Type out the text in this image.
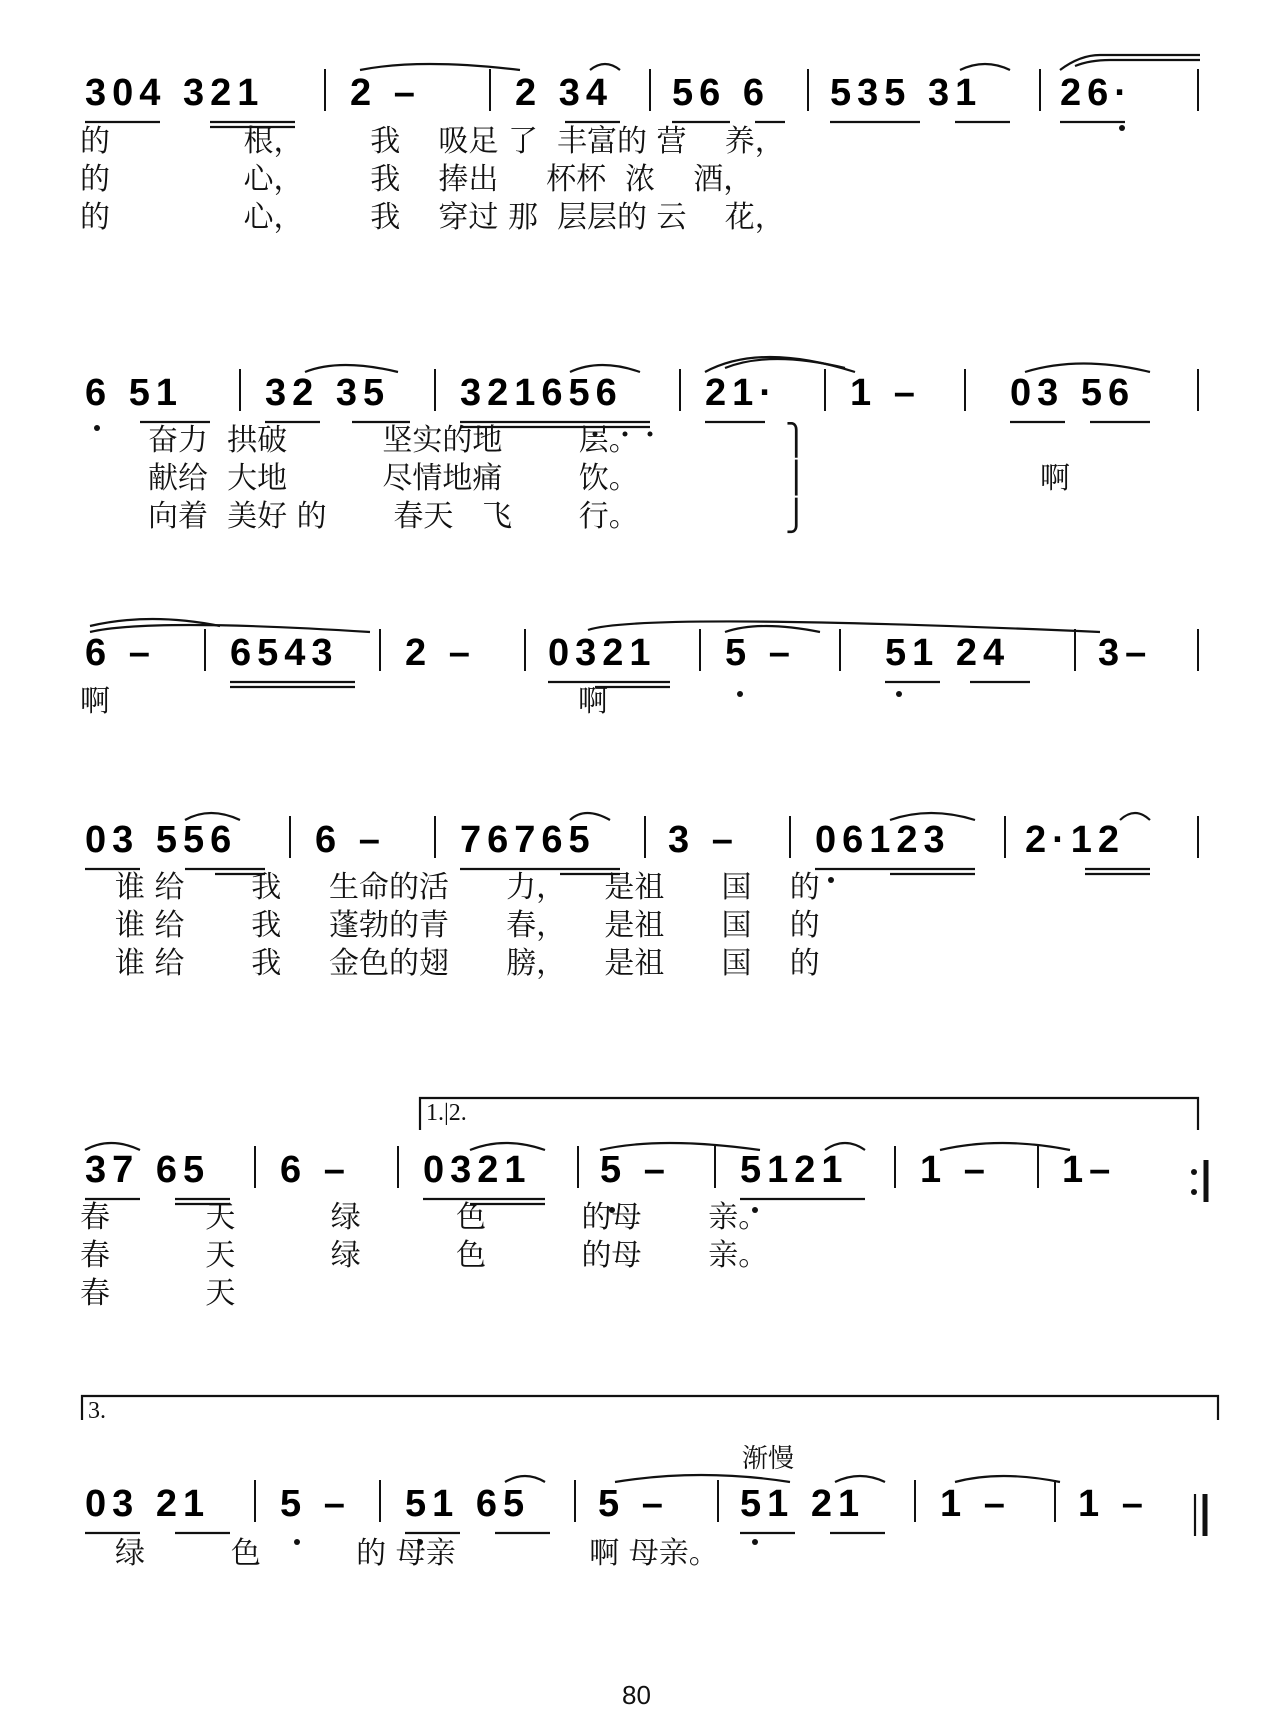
304 321 2 – 2 34 56 6 535 31 26·
6 51 32 35 321656 21· 1 – 03 56
6 – 6543 2 – 0321 5 – 51 24 3–
03 556 6 – 76765 3 – 06123 2·12
37 65 6 – 0321 5 – 5121 1 – 1–
03 21 5 – 51 65 5 – 51 21 1 – 1 –
的              根，       我    吸足 了  丰富的 营    养，
的              心，       我    捧出     杯杯  浓    酒，
的              心，       我    穿过 那  层层的 云    花，
奋力  拱破          坚实的地        层。
献给  大地          尽情地痛        饮。
向着  美好 的       春天   飞       行。
啊
啊	啊
谁 给       我     生命的活      力，    是祖      国    的
谁 给       我     蓬勃的青      春，    是祖      国    的
谁 给       我     金色的翅      膀，    是祖      国    的
春          天          绿          色          的母       亲。
春          天          绿          色          的母       亲。
春          天
绿         色          的 母亲              啊 母亲。
⎫
⎪
⎭
1.|2.
3.
渐慢
80
